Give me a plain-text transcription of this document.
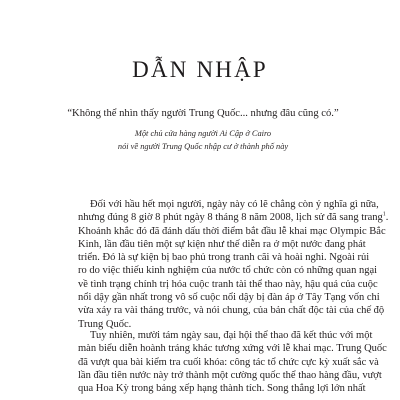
DẪN NHẬP
“Không thể nhìn thấy người Trung Quốc... nhưng đâu cũng có.”
Một chủ cửa hàng người Ai Cập ở Cairo
nói về người Trung Quốc nhập cư ở thành phố này
Đối với hầu hết mọi người, ngày này có lẽ chẳng còn ý nghĩa gì nữa,
nhưng đúng 8 giờ 8 phút ngày 8 tháng 8 năm 2008, lịch sử đã sang trang$^1$.
Khoảnh khắc đó đã đánh dấu thời điểm bắt đầu lễ khai mạc Olympic Bắc
Kinh, lần đầu tiên một sự kiện như thế diễn ra ở một nước đang phát
triển. Đó là sự kiện bị bao phủ trong tranh cãi và hoài nghi. Ngoài rủi
ro do việc thiếu kinh nghiệm của nước tổ chức còn có những quan ngại
về tình trạng chính trị hóa cuộc tranh tài thể thao này, hậu quả của cuộc
nổi dậy gần nhất trong vô số cuộc nổi dậy bị đàn áp ở Tây Tạng vốn chỉ
vừa xảy ra vài tháng trước, và nói chung, của bản chất độc tài của chế độ
Trung Quốc.
Tuy nhiên, mười tám ngày sau, đại hội thể thao đã kết thúc với một
màn biểu diễn hoành tráng khác tương xứng với lễ khai mạc. Trung Quốc
đã vượt qua bài kiểm tra cuối khóa: công tác tổ chức cực kỳ xuất sắc và
lần đầu tiên nước này trở thành một cường quốc thể thao hàng đầu, vượt
qua Hoa Kỳ trong bảng xếp hạng thành tích. Song thắng lợi lớn nhất
